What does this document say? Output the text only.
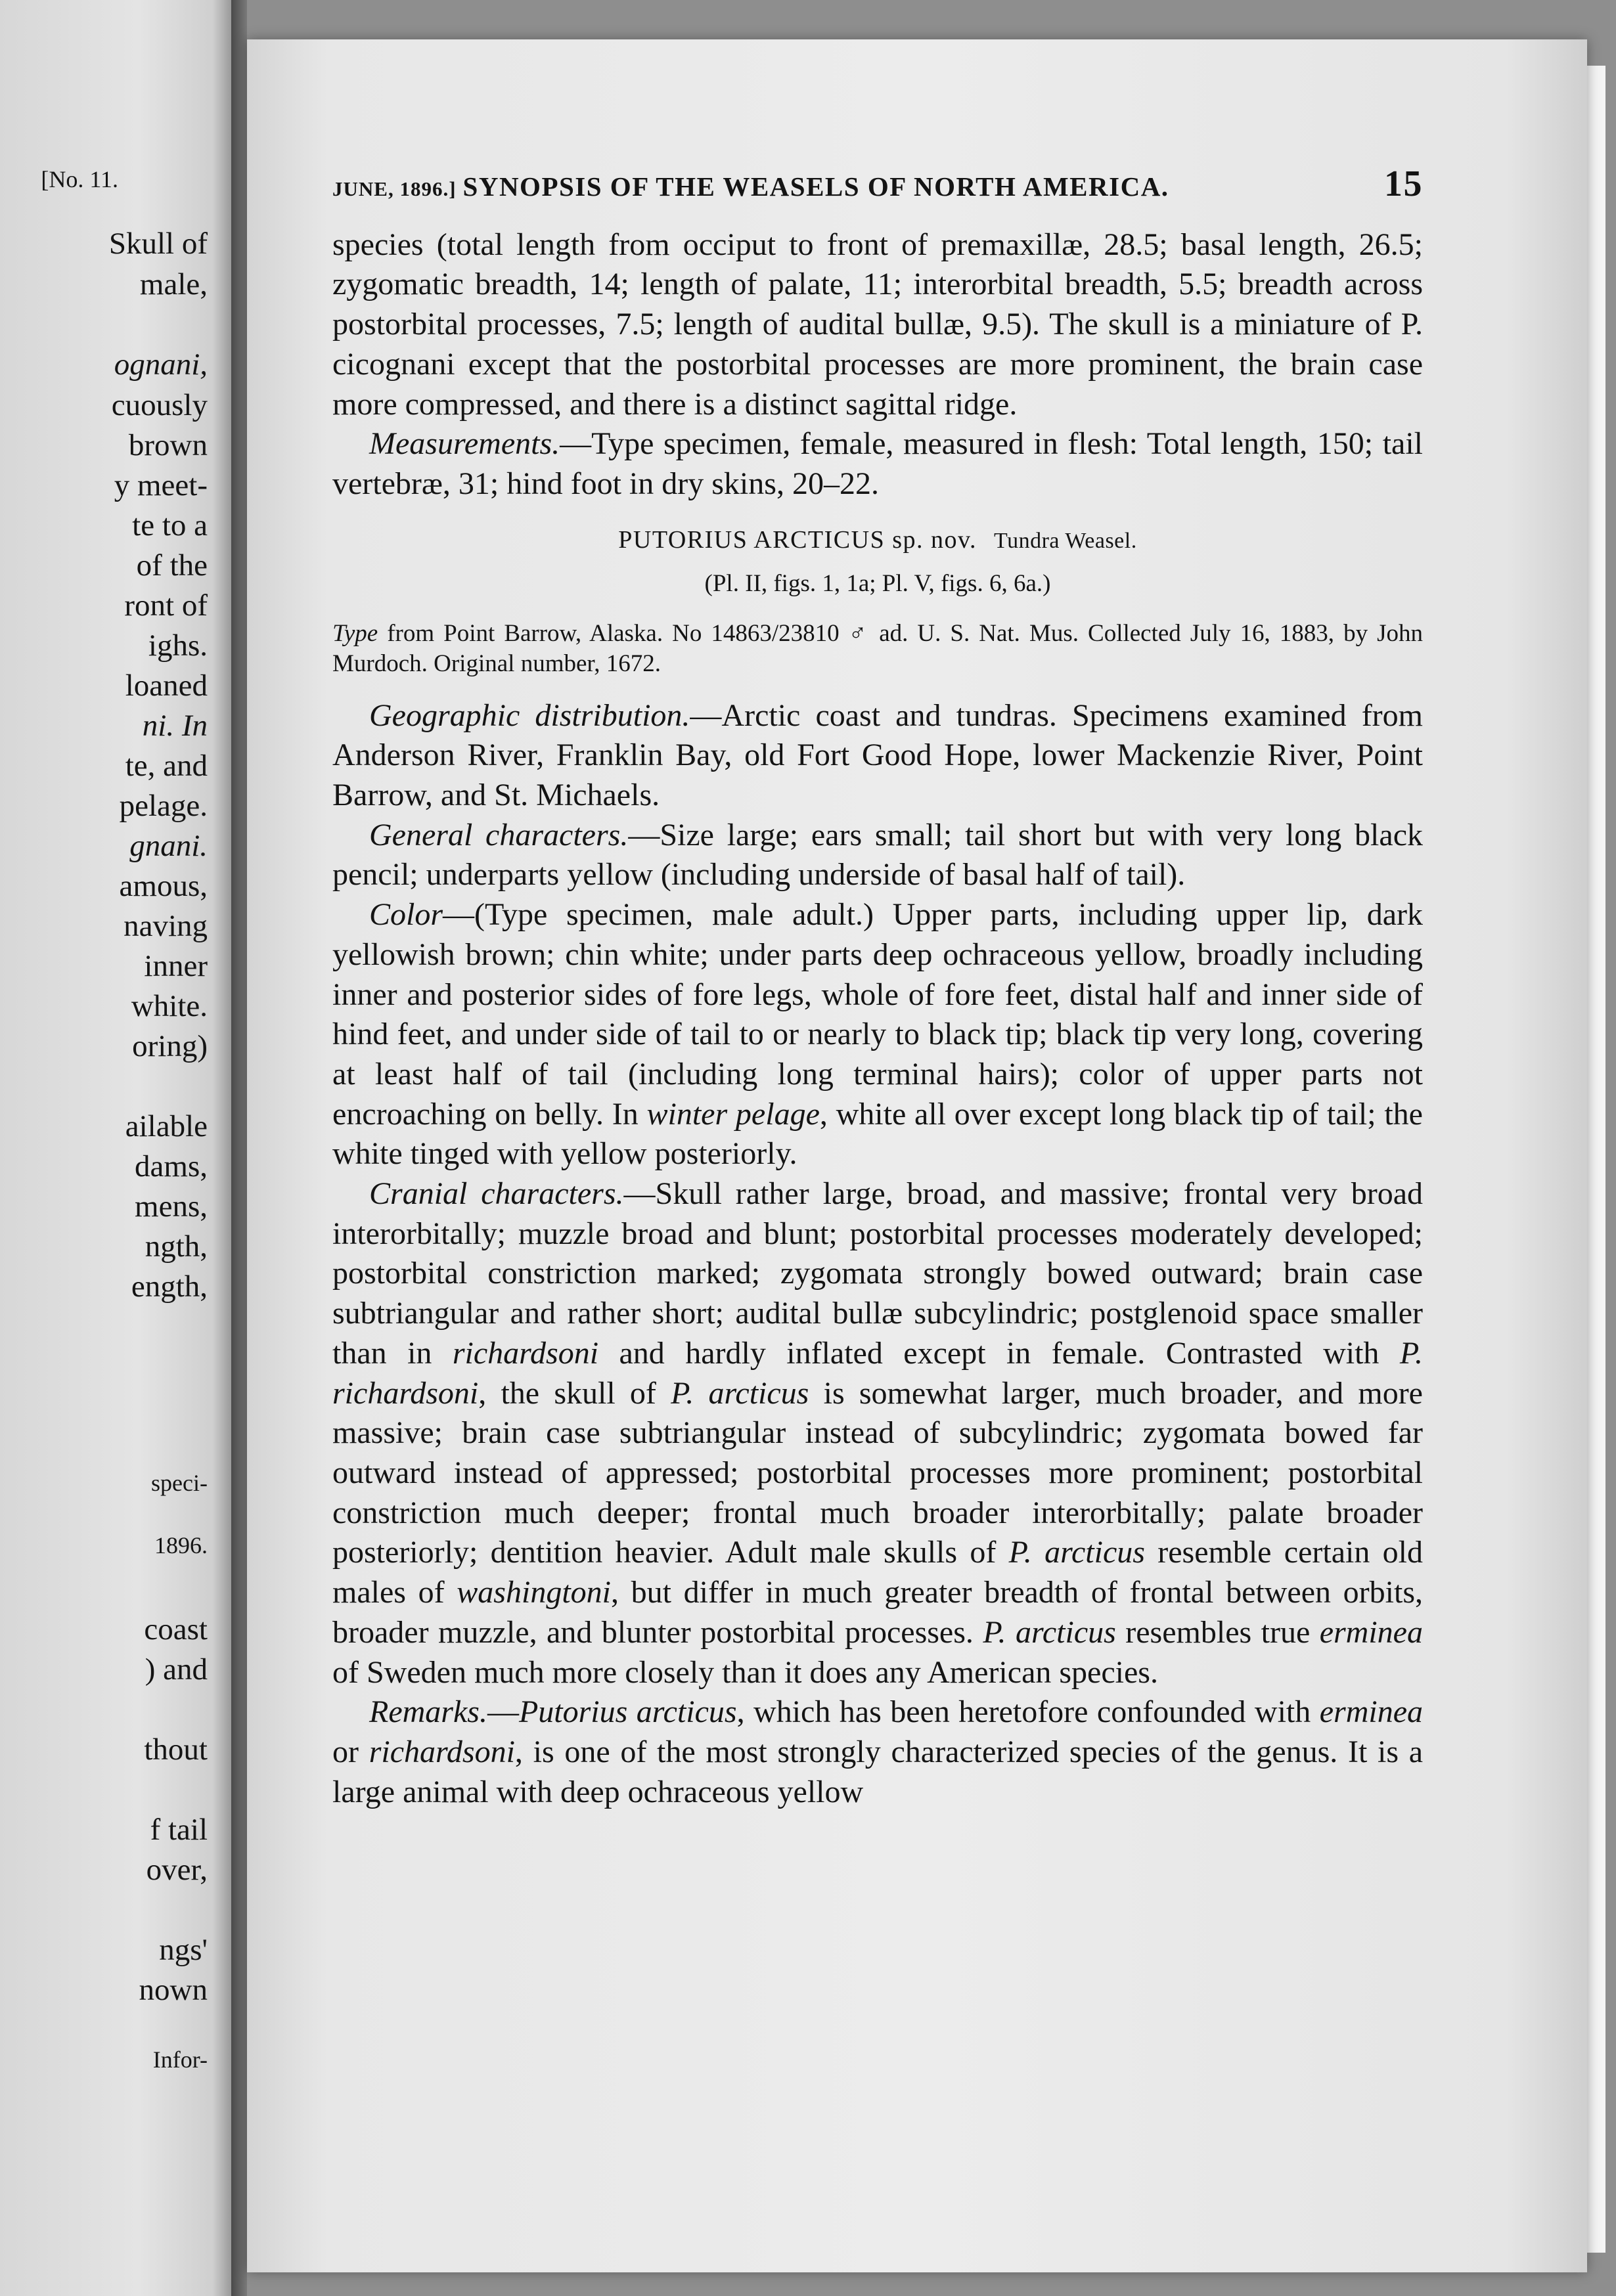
[No. 11.
Skull of
male,
ognani,
cuously
brown
y meet-
te to a
of the
ront of
ighs.
loaned
ni. In
te, and
pelage.
gnani.
amous,
naving
inner
white.
oring)
ailable
dams,
mens,
ngth,
ength,
speci-
1896.
coast
) and
thout
f tail
over,
ngs'
nown
Infor-
JUNE, 1896.] SYNOPSIS OF THE WEASELS OF NORTH AMERICA.	15

species (total length from occiput to front of premaxillæ, 28.5; basal length, 26.5; zygomatic breadth, 14; length of palate, 11; interorbital breadth, 5.5; breadth across postorbital processes, 7.5; length of audital bullæ, 9.5). The skull is a miniature of P. cicognani except that the postorbital processes are more prominent, the brain case more compressed, and there is a distinct sagittal ridge.

Measurements.—Type specimen, female, measured in flesh: Total length, 150; tail vertebræ, 31; hind foot in dry skins, 20–22.

PUTORIUS ARCTICUS sp. nov. Tundra Weasel.
(Pl. II, figs. 1, 1a; Pl. V, figs. 6, 6a.)

Type from Point Barrow, Alaska. No 14863/23810 ♂ ad. U. S. Nat. Mus. Collected July 16, 1883, by John Murdoch. Original number, 1672.

Geographic distribution.—Arctic coast and tundras. Specimens examined from Anderson River, Franklin Bay, old Fort Good Hope, lower Mackenzie River, Point Barrow, and St. Michaels.

General characters.—Size large; ears small; tail short but with very long black pencil; underparts yellow (including underside of basal half of tail).

Color—(Type specimen, male adult.) Upper parts, including upper lip, dark yellowish brown; chin white; under parts deep ochraceous yellow, broadly including inner and posterior sides of fore legs, whole of fore feet, distal half and inner side of hind feet, and under side of tail to or nearly to black tip; black tip very long, covering at least half of tail (including long terminal hairs); color of upper parts not encroaching on belly. In winter pelage, white all over except long black tip of tail; the white tinged with yellow posteriorly.

Cranial characters.—Skull rather large, broad, and massive; frontal very broad interorbitally; muzzle broad and blunt; postorbital processes moderately developed; postorbital constriction marked; zygomata strongly bowed outward; brain case subtriangular and rather short; audital bullæ subcylindric; postglenoid space smaller than in richardsoni and hardly inflated except in female. Contrasted with P. richardsoni, the skull of P. arcticus is somewhat larger, much broader, and more massive; brain case subtriangular instead of subcylindric; zygomata bowed far outward instead of appressed; postorbital processes more prominent; postorbital constriction much deeper; frontal much broader interorbitally; palate broader posteriorly; dentition heavier. Adult male skulls of P. arcticus resemble certain old males of washingtoni, but differ in much greater breadth of frontal between orbits, broader muzzle, and blunter postorbital processes. P. arcticus resembles true erminea of Sweden much more closely than it does any American species.

Remarks.—Putorius arcticus, which has been heretofore confounded with erminea or richardsoni, is one of the most strongly characterized species of the genus. It is a large animal with deep ochraceous yellow
